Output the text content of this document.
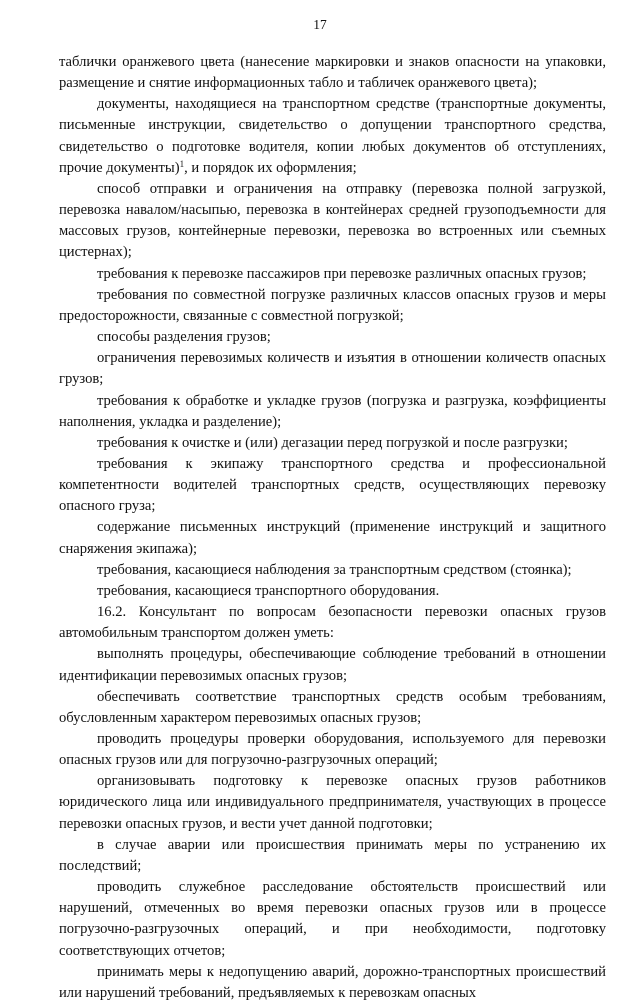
17

таблички оранжевого цвета (нанесение маркировки и знаков опасности на упаковки, размещение и снятие информационных табло и табличек оранжевого цвета);

документы, находящиеся на транспортном средстве (транспортные документы, письменные инструкции, свидетельство о допущении транспортного средства, свидетельство о подготовке водителя, копии любых документов об отступлениях, прочие документы)$^1$, и порядок их оформления;

способ отправки и ограничения на отправку (перевозка полной загрузкой, перевозка навалом/насыпью, перевозка в контейнерах средней грузоподъемности для массовых грузов, контейнерные перевозки, перевозка во встроенных или съемных цистернах);

требования к перевозке пассажиров при перевозке различных опасных грузов;

требования по совместной погрузке различных классов опасных грузов и меры предосторожности, связанные с совместной погрузкой;

способы разделения грузов;

ограничения перевозимых количеств и изъятия в отношении количеств опасных грузов;

требования к обработке и укладке грузов (погрузка и разгрузка, коэффициенты наполнения, укладка и разделение);

требования к очистке и (или) дегазации перед погрузкой и после разгрузки;

требования к экипажу транспортного средства и профессиональной компетентности водителей транспортных средств, осуществляющих перевозку опасного груза;

содержание письменных инструкций (применение инструкций и защитного снаряжения экипажа);

требования, касающиеся наблюдения за транспортным средством (стоянка);

требования, касающиеся транспортного оборудования.

16.2. Консультант по вопросам безопасности перевозки опасных грузов автомобильным транспортом должен уметь:

выполнять процедуры, обеспечивающие соблюдение требований в отношении идентификации перевозимых опасных грузов;

обеспечивать соответствие транспортных средств особым требованиям, обусловленным характером перевозимых опасных грузов;

проводить процедуры проверки оборудования, используемого для перевозки опасных грузов или для погрузочно-разгрузочных операций;

организовывать подготовку к перевозке опасных грузов работников юридического лица или индивидуального предпринимателя, участвующих в процессе перевозки опасных грузов, и вести учет данной подготовки;

в случае аварии или происшествия принимать меры по устранению их последствий;

проводить служебное расследование обстоятельств происшествий или нарушений, отмеченных во время перевозки опасных грузов или в процессе погрузочно-разгрузочных операций, и при необходимости, подготовку соответствующих отчетов;

принимать меры к недопущению аварий, дорожно-транспортных происшествий или нарушений требований, предъявляемых к перевозкам опасных
